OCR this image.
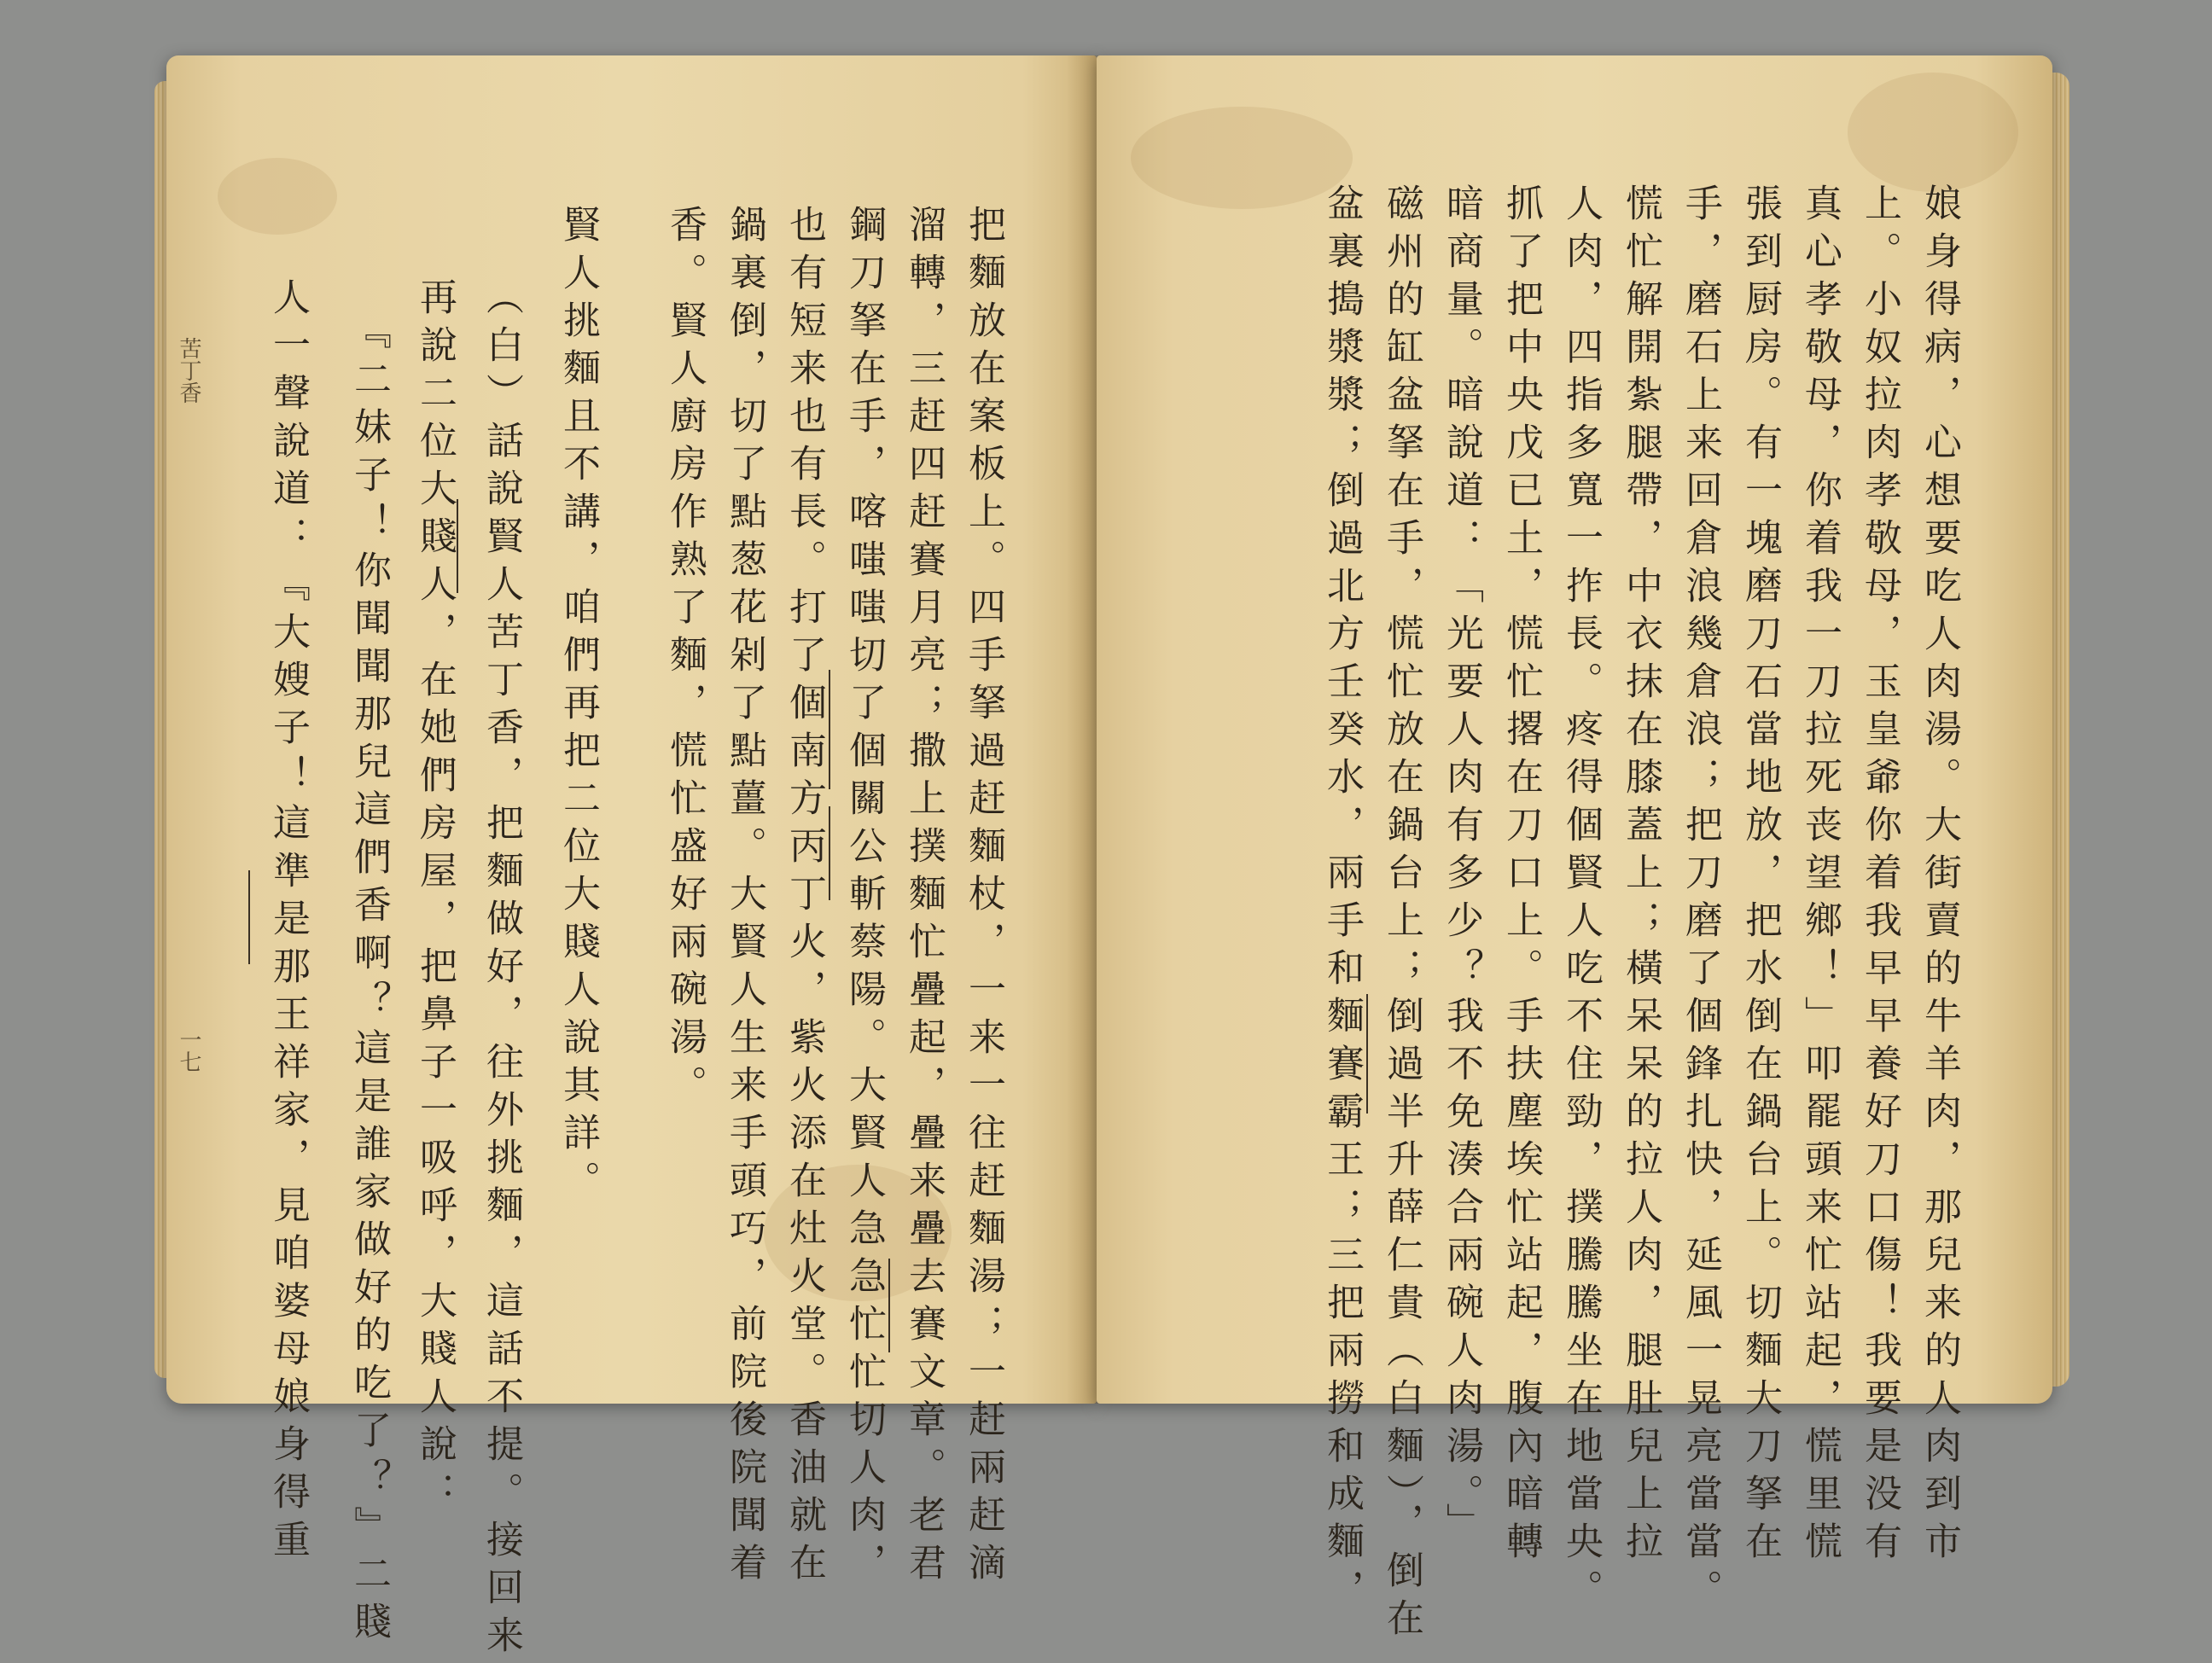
把麵放在案板上。四手拏過赶麵杖，一来一往赶麵湯；一赶兩赶滴
溜轉，三赶四赶賽月亮；撒上撲麵忙疊起，疊来疊去賽文章。老君
鋼刀拏在手，喀嗤嗤切了個關公斬蔡陽。大賢人急急忙忙切人肉，
也有短来也有長。打了個南方丙丁火，紫火添在灶火堂。香油就在
鍋裏倒，切了點葱花剁了點薑。大賢人生来手頭巧，前院後院聞着
香。賢人廚房作熟了麵，慌忙盛好兩碗湯。
賢人挑麵且不講，咱們再把二位大賤人說其詳。
（白）話說賢人苦丁香，把麵做好，往外挑麵，這話不提。接回来
再說二位大賤人，在她們房屋，把鼻子一吸呼，大賤人說：
『二妹子！你聞聞那兒這們香啊？這是誰家做好的吃了？』二賤
人一聲說道：『大嫂子！這準是那王祥家，見咱婆母娘身得重
苦丁香
一七	娘身得病，心想要吃人肉湯。大街賣的牛羊肉，那兒来的人肉到市
上。小奴拉肉孝敬母，玉皇爺你着我早早養好刀口傷！我要是没有
真心孝敬母，你着我一刀拉死丧望鄉！」叩罷頭来忙站起，慌里慌
張到厨房。有一塊磨刀石當地放，把水倒在鍋台上。切麵大刀拏在
手，磨石上来回倉浪幾倉浪；把刀磨了個鋒扎快，延風一晃亮當當。
慌忙解開紮腿帶，中衣抹在膝蓋上；橫呆呆的拉人肉，腿肚兒上拉
人肉，四指多寬一拃長。疼得個賢人吃不住勁，撲騰騰坐在地當央。
抓了把中央戊已土，慌忙撂在刀口上。手扶塵埃忙站起，腹內暗轉
暗商量。暗說道：「光要人肉有多少？我不免湊合兩碗人肉湯。」
磁州的缸盆拏在手，慌忙放在鍋台上；倒過半升薛仁貴（白麵），倒在
盆裏搗漿漿；倒過北方壬癸水，兩手和麵賽霸王；三把兩撈和成麵，
